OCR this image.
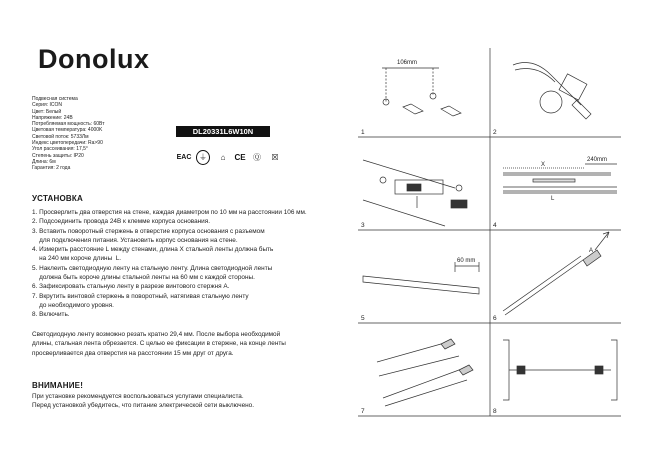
Donolux
Подвесная система
Серия: ICON
Цвет: Белый
Напряжение: 24В
Потребляемая мощность: 60Вт
Цветовая температура: 4000K
Световой поток: 5733Лм
Индекс цветопередачи: Ra>90
Угол рассеивания: 17,5°
Степень защиты: IP20
Длина: 6м
Гарантия: 2 года
DL20331L6W10N
EAC ⏚	⌂	CE Ⓠ	☒
УСТАНОВКА
1. Просверлить два отверстия на стене, каждая диаметром по 10 мм на расстоянии 106 мм.
2. Подсоединить провода 24В к клемме корпуса основания.
3. Вставить поворотный стержень в отверстие корпуса основания с разъемом
для подключения питания. Установить корпус основания на стене.
4. Измерить расстояние L между стенами, длина X стальной ленты должна быть
на 240 мм короче длины  L.
5. Наклеить светодиодную ленту на стальную ленту. Длина светодиодной ленты
должна быть короче длины стальной ленты на 60 мм с каждой стороны.
6. Зафиксировать стальную ленту в разрезе винтового стержня А.
7. Вкрутить винтовой стержень в поворотный, натягивая стальную ленту
до необходимого уровня.
8. Включить.
Светодиодную ленту возможно резать кратно 29,4 мм. После выбора необходимой
длины, стальная лента обрезается. С целью ее фиксации в стержне, на конце ленты
просверливается два отверстия на расстоянии 15 мм друг от друга.
ВНИМАНИЕ!
При установке рекомендуется воспользоваться услугами специалиста.
Перед установкой убедитесь, что питание электрической сети выключено.
106mm
240mm
X
L
60 mm
A
1	2
3	4
5	6
7	8
